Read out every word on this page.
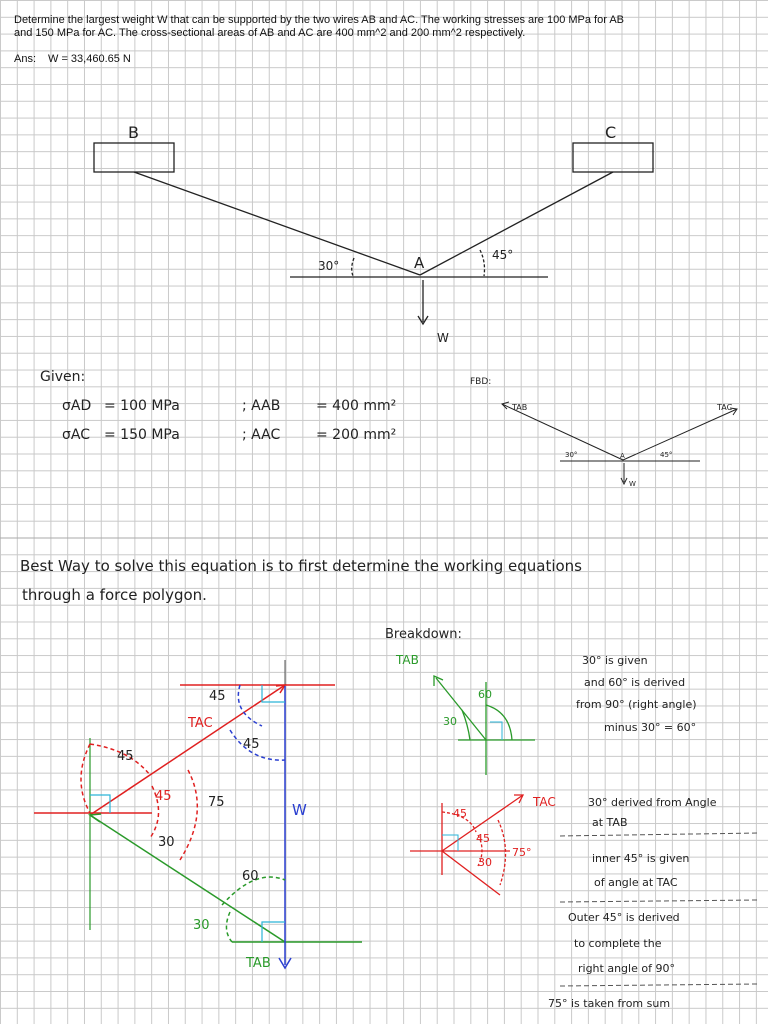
Determine the largest weight W that can be supported by the two wires AB and AC. The working stresses are 100 MPa for AB
and 150 MPa for AC. The cross-sectional areas of AB and AC are 400 mm^2 and 200 mm^2 respectively.
Ans: W = 33,460.65 N
B	C
A
W
30°
45°
Given:
σAD = 100 MPa	; AAB	= 400 mm²
σAC = 150 MPa	; AAC	= 200 mm²
FBD:
TAB	TAC
A
W
30°	45°
Best Way to solve this equation is to first determine the working equations
through a force polygon.
TAC
TAB
W
45
45
45
45	75
30
30
60
Breakdown:
TAB
60
30
TAC
45
45
30
75°
30° is given
and 60° is derived
from 90° (right angle)
minus 30° = 60°
30° derived from Angle
at TAB
inner 45° is given
of angle at TAC
Outer 45° is derived
to complete the
right angle of 90°
75° is taken from sum
